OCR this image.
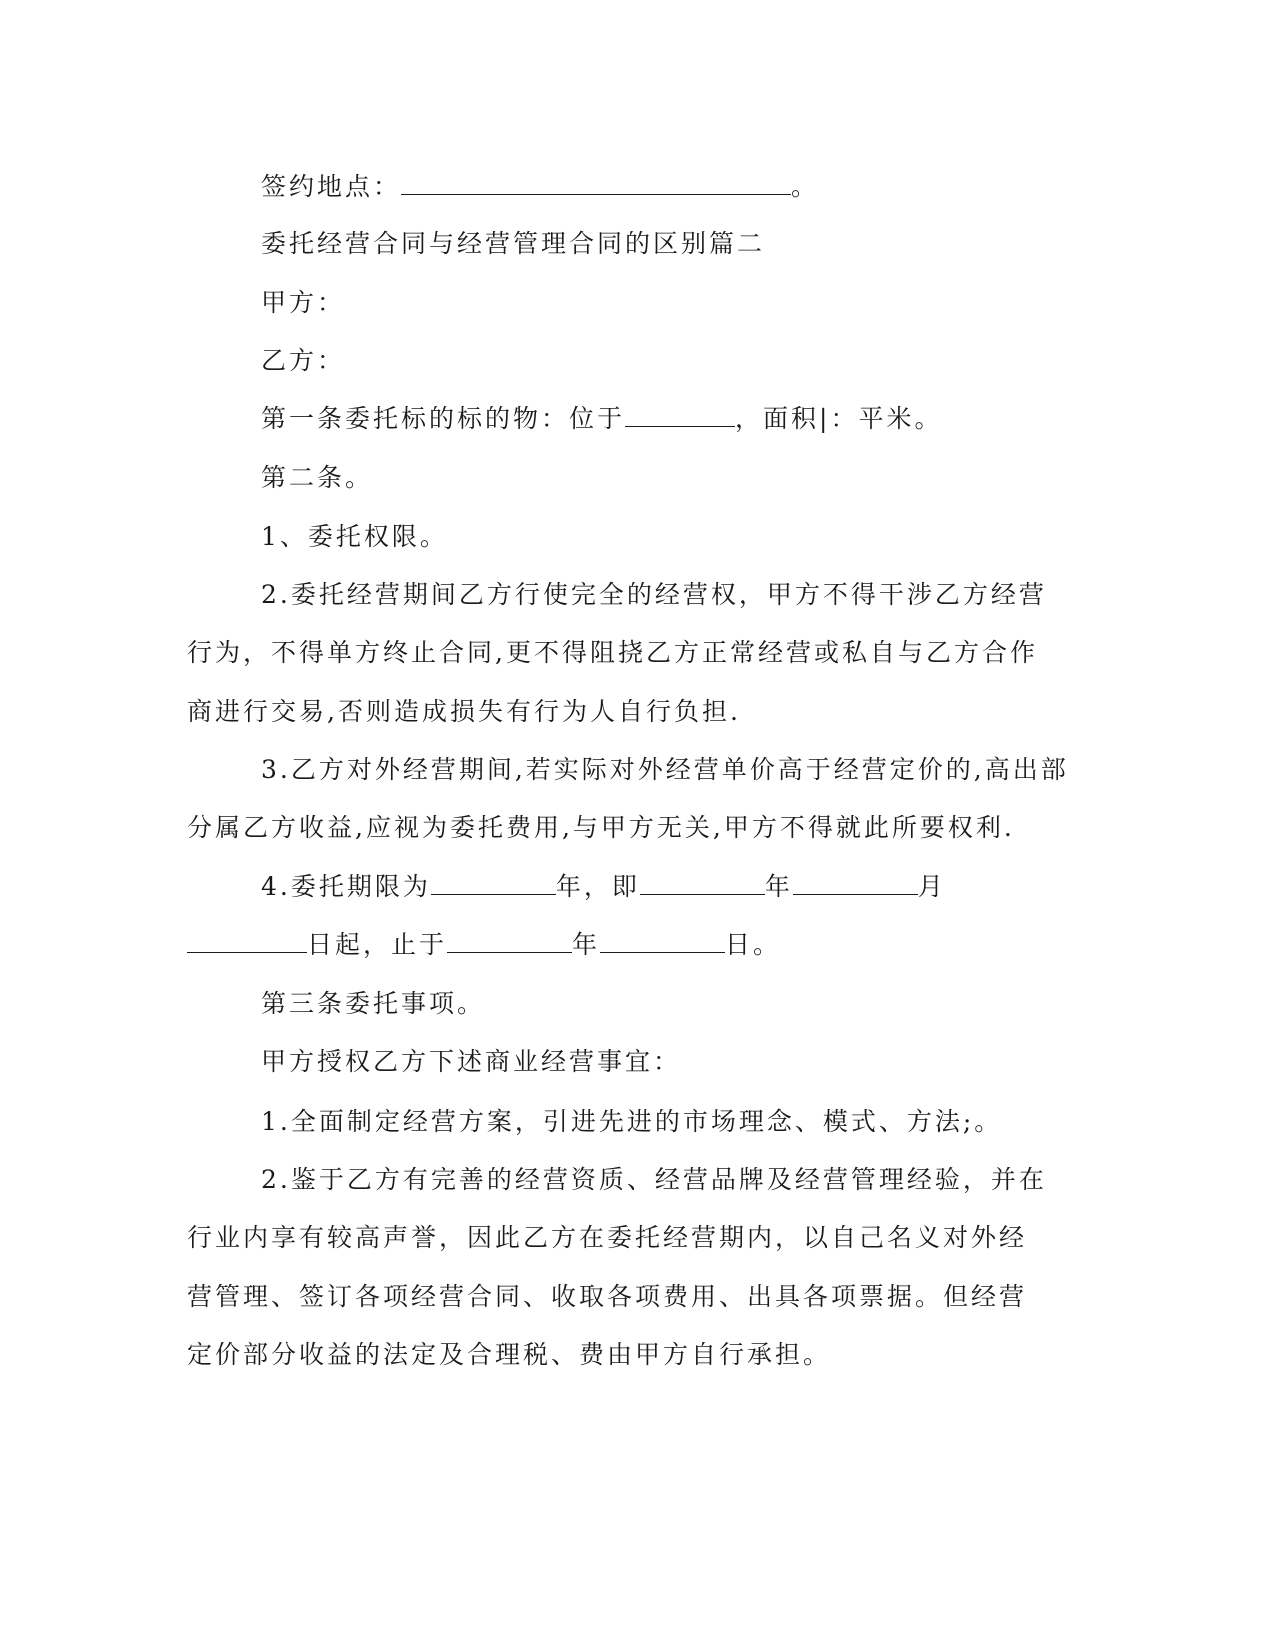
签约地点：	。
委托经营合同与经营管理合同的区别篇二
甲方：
乙方：
第一条委托标的标的物：位于	，面积|：平米。
第二条。
1、委托权限。
2.委托经营期间乙方行使完全的经营权，甲方不得干涉乙方经营
行为，不得单方终止合同,更不得阻挠乙方正常经营或私自与乙方合作
商进行交易,否则造成损失有行为人自行负担.
3.乙方对外经营期间,若实际对外经营单价高于经营定价的,高出部
分属乙方收益,应视为委托费用,与甲方无关,甲方不得就此所要权利.
4.委托期限为	年，即	年	月
日起，止于	年	日。
第三条委托事项。
甲方授权乙方下述商业经营事宜：
1.全面制定经营方案，引进先进的市场理念、模式、方法;。
2.鉴于乙方有完善的经营资质、经营品牌及经营管理经验，并在
行业内享有较高声誉，因此乙方在委托经营期内，以自己名义对外经
营管理、签订各项经营合同、收取各项费用、出具各项票据。但经营
定价部分收益的法定及合理税、费由甲方自行承担。
